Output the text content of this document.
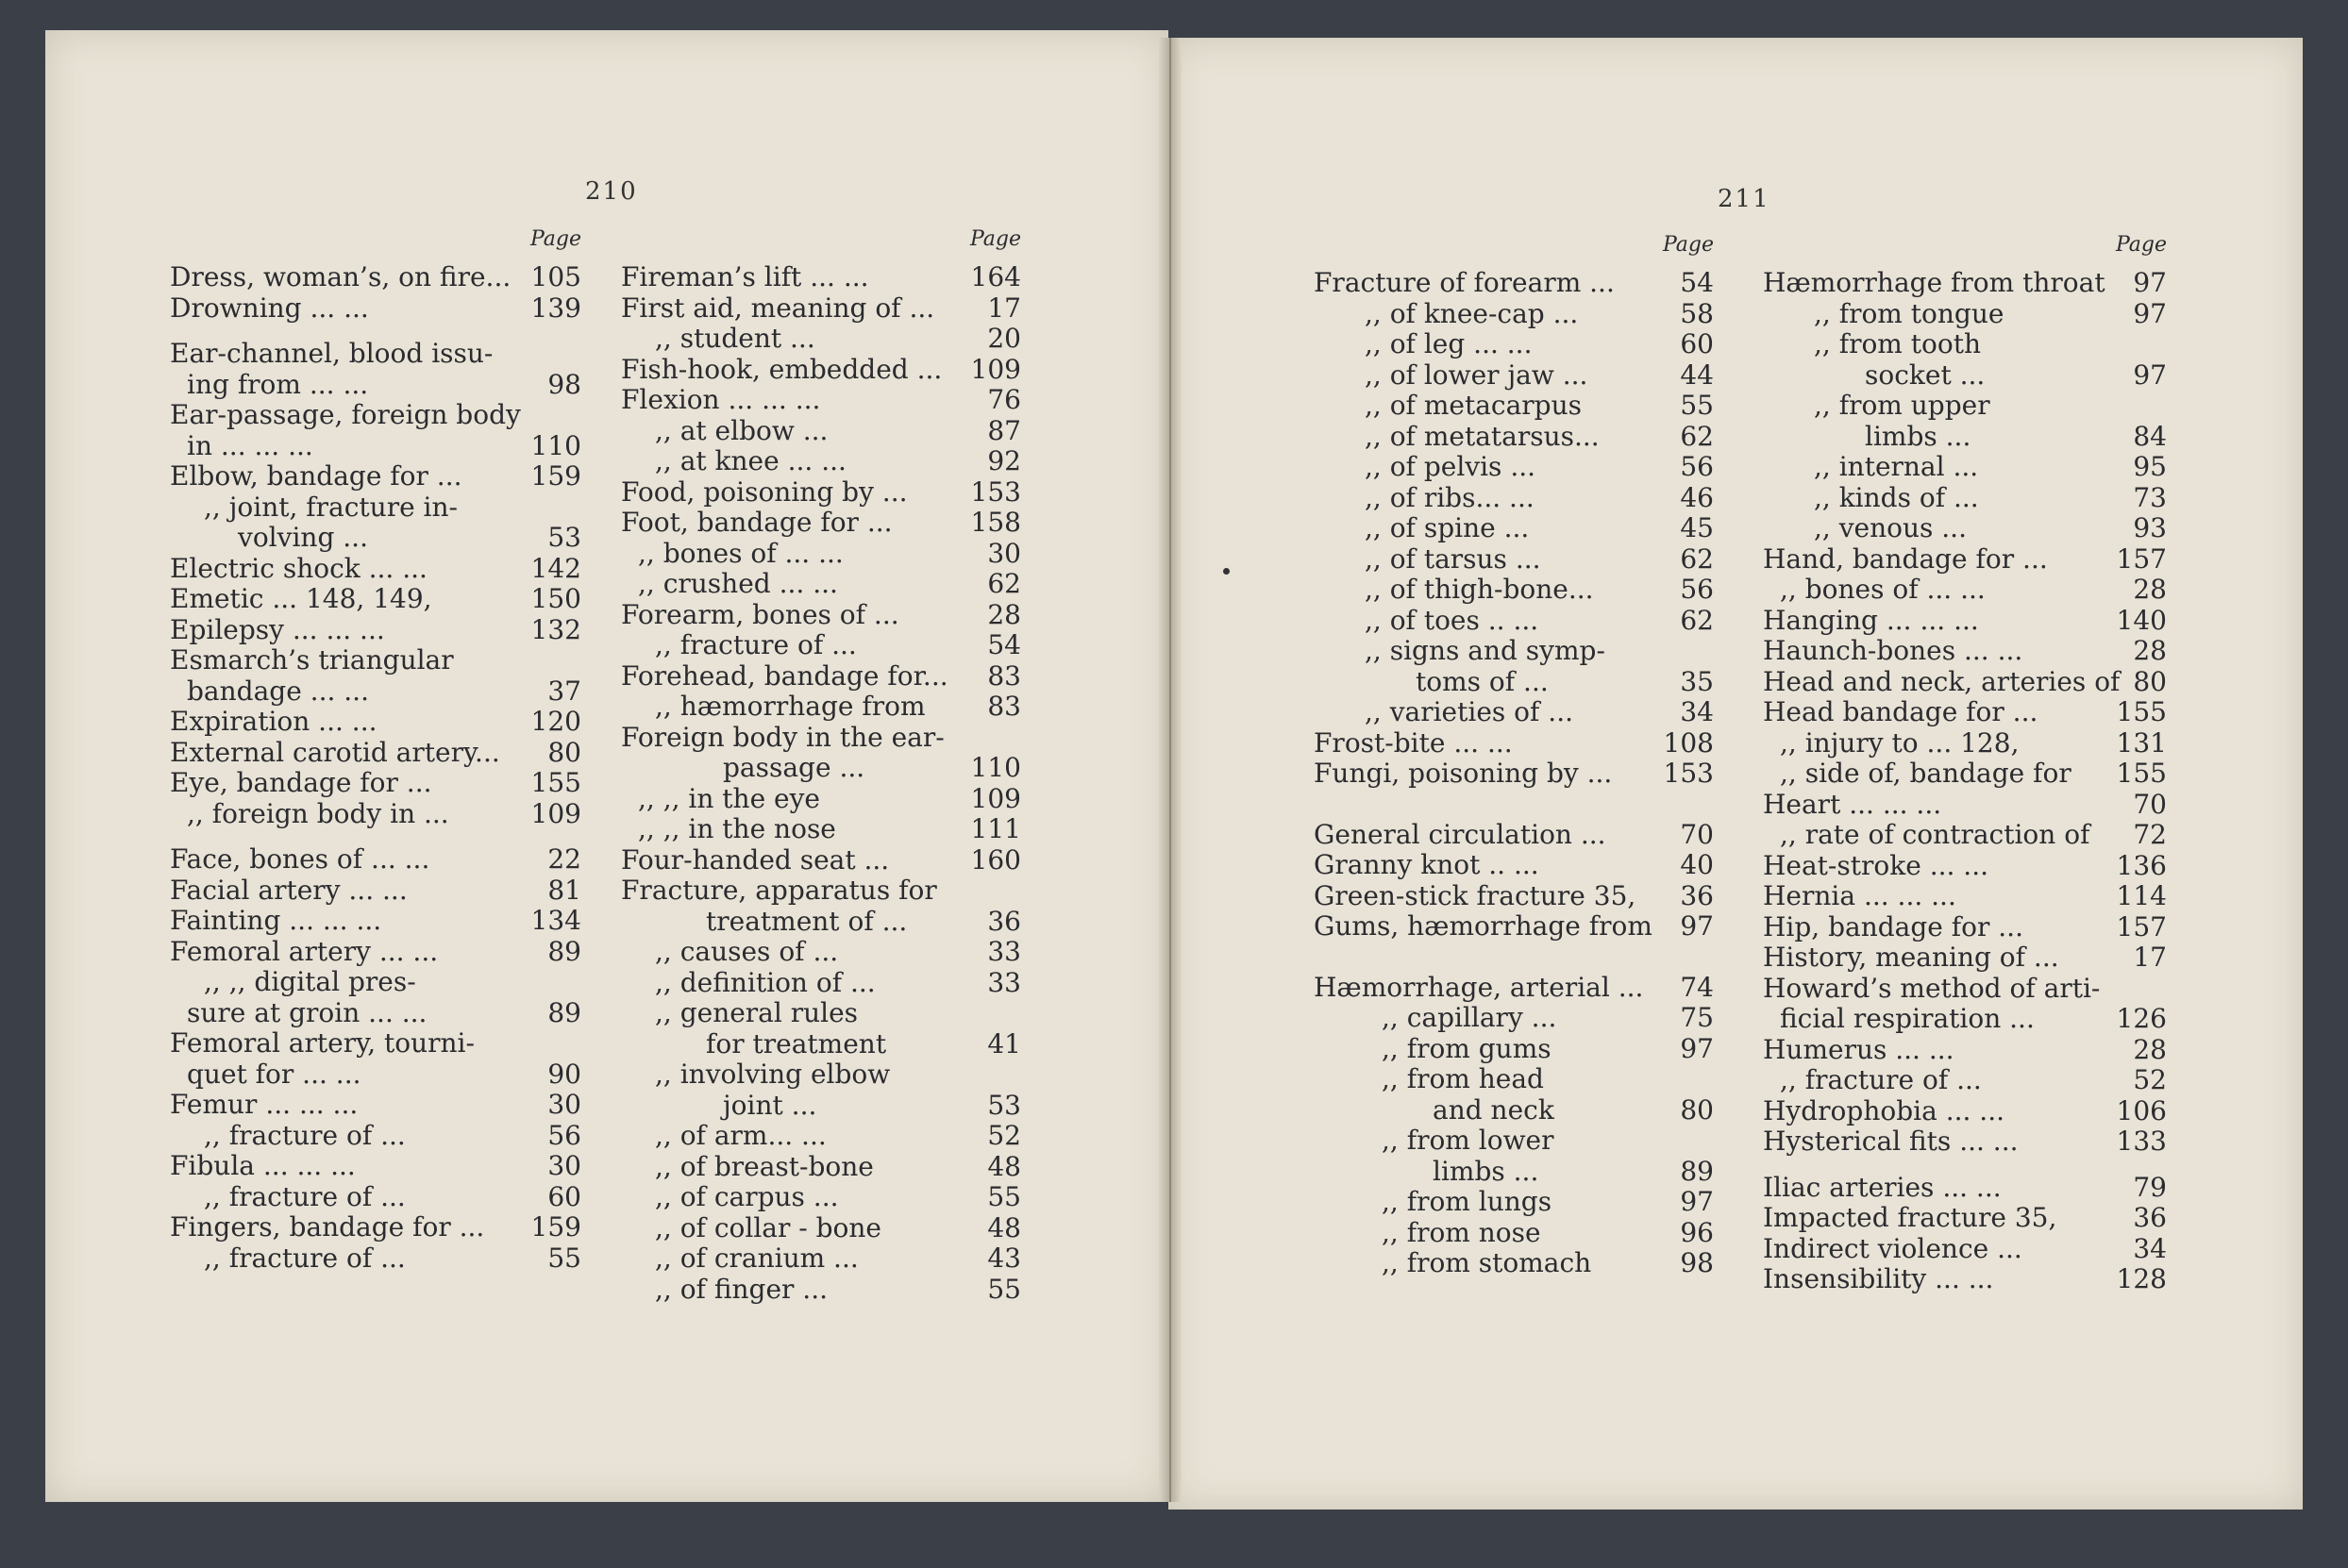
210	211
Page
Dress, woman’s, on fire... 105
Drowning ... ...	139
Ear-channel, blood issu-
ing from ... ...	98
Ear-passage, foreign body
in ... ... ...	110
Elbow, bandage for ...	159
,, joint, fracture in-
volving ...	53
Electric shock ... ...	142
Emetic ... 148, 149,	150
Epilepsy ... ... ...	132
Esmarch’s triangular
bandage ... ...	37
Expiration ... ...	120
External carotid artery... 80
Eye, bandage for ...	155
,, foreign body in ...	109
Face, bones of ... ...	22
Facial artery ... ...	81
Fainting ... ... ...	134
Femoral artery ... ...	89
,, ,, digital pres-
sure at groin ... ...	89
Femoral artery, tourni-
quet for ... ...	90
Femur ... ... ...	30
,, fracture of ...	56
Fibula ... ... ...	30
,, fracture of ...	60
Fingers, bandage for ... 159
,, fracture of ...	55
Page
Fireman’s lift ... ...	164
First aid, meaning of ... 17
,, student ...	20
Fish-hook, embedded ... 109
Flexion ... ... ...	76
,, at elbow ...	87
,, at knee ... ...	92
Food, poisoning by ... 153
Foot, bandage for ...	158
,, bones of ... ...	30
,, crushed ... ...	62
Forearm, bones of ...	28
,, fracture of ...	54
Forehead, bandage for... 83
,, hæmorrhage from 83
Foreign body in the ear-
passage ...	110
,, ,, in the eye	109
,, ,, in the nose	111
Four-handed seat ...	160
Fracture, apparatus for
treatment of ...	36
,, causes of ...	33
,, definition of ...	33
,, general rules
for treatment	41
,, involving elbow
joint ...	53
,, of arm... ...	52
,, of breast-bone	48
,, of carpus ...	55
,, of collar - bone	48
,, of cranium ...	43
,, of finger ...	55
Page
Fracture of forearm ... 54
,, of knee-cap ...	58
,, of leg ... ...	60
,, of lower jaw ...	44
,, of metacarpus	55
,, of metatarsus...	62
,, of pelvis ...	56
,, of ribs... ...	46
,, of spine ...	45
,, of tarsus ...	62
,, of thigh-bone...	56
,, of toes .. ...	62
,, signs and symp-
toms of ...	35
,, varieties of ...	34
Frost-bite ... ...	108
Fungi, poisoning by ... 153
General circulation ...	70
Granny knot .. ...	40
Green-stick fracture 35, 36
Gums, hæmorrhage from 97
Hæmorrhage, arterial ... 74
,, capillary ...	75
,, from gums	97
,, from head
and neck	80
,, from lower
limbs ...	89
,, from lungs	97
,, from nose	96
,, from stomach	98
Page
Hæmorrhage from throat 97
,, from tongue	97
,, from tooth
socket ...	97
,, from upper
limbs ...	84
,, internal ...	95
,, kinds of ...	73
,, venous ...	93
Hand, bandage for ...	157
,, bones of ... ...	28
Hanging ... ... ...	140
Haunch-bones ... ...	28
Head and neck, arteries of 80
Head bandage for ...	155
,, injury to ... 128,	131
,, side of, bandage for 155
Heart ... ... ...	70
,, rate of contraction of 72
Heat-stroke ... ...	136
Hernia ... ... ...	114
Hip, bandage for ...	157
History, meaning of ...	17
Howard’s method of arti-
ficial respiration ...	126
Humerus ... ...	28
,, fracture of ...	52
Hydrophobia ... ...	106
Hysterical fits ... ...	133
Iliac arteries ... ...	79
Impacted fracture 35,	36
Indirect violence ...	34
Insensibility ... ...	128
